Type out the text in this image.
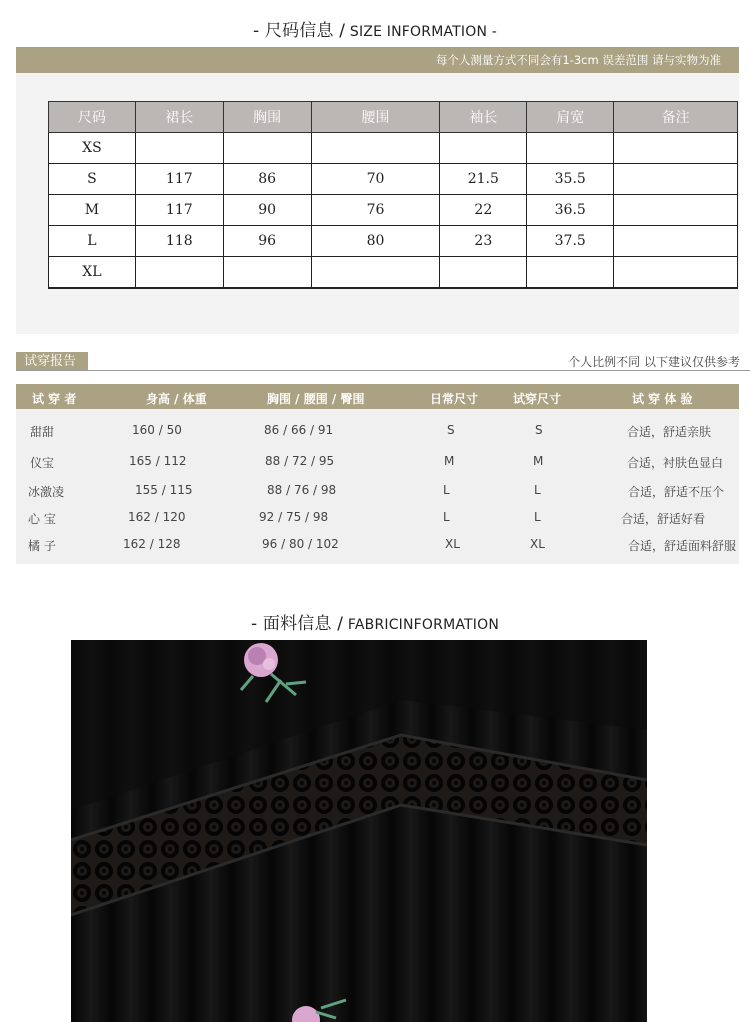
- 尺码信息 / SIZE INFORMATION -
每个人测量方式不同会有1-3cm 误差范围 请与实物为准
尺码	裙长	胸围	腰围	袖长	肩宽	备注
XS						
S	117	86	70	21.5	35.5	
M	117	90	76	22	36.5	
L	118	96	80	23	37.5	
XL						
试穿报告	个人比例不同 以下建议仅供参考
试 穿 者	身高 / 体重	胸围 / 腰围 / 臀围	日常尺寸	试穿尺寸	试 穿 体 验
甜甜	160 / 50	86 / 66 / 91	S	S	合适，舒适亲肤
仪宝	165 / 112	88 / 72 / 95	M	M	合适，衬肤色显白
冰激凌	155 / 115	88 / 76 / 98	L	L	合适，舒适不压个
心 宝	162 / 120	92 / 75 / 98	L	L	合适，舒适好看
橘 子	162 / 128	96 / 80 / 102	XL	XL	合适，舒适面料舒服
- 面料信息 / FABRICINFORMATION
